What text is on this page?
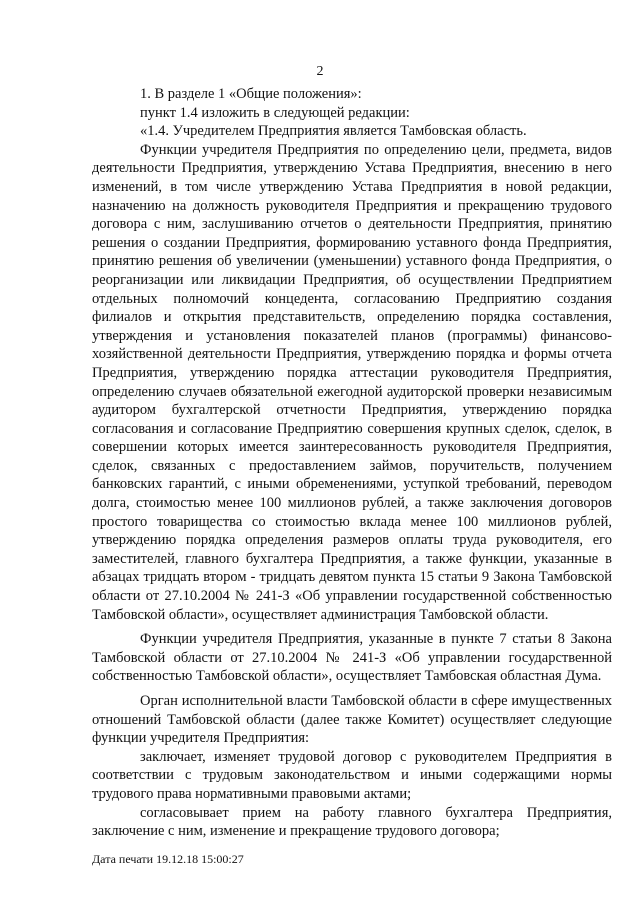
2

1. В разделе 1 «Общие положения»:

пункт 1.4 изложить в следующей редакции:

«1.4. Учредителем Предприятия является Тамбовская область.

Функции учредителя Предприятия по определению цели, предмета, видов деятельности Предприятия, утверждению Устава Предприятия, внесению в него изменений, в том числе утверждению Устава Предприятия в новой редакции, назначению на должность руководителя Предприятия и прекращению трудового договора с ним, заслушиванию отчетов о деятельности Предприятия, принятию решения о создании Предприятия, формированию уставного фонда Предприятия, принятию решения об увеличении (уменьшении) уставного фонда Предприятия, о реорганизации или ликвидации Предприятия, об осуществлении Предприятием отдельных полномочий концедента, согласованию Предприятию создания филиалов и открытия представительств, определению порядка составления, утверждения и установления показателей планов (программы) финансово-хозяйственной деятельности Предприятия, утверждению порядка и формы отчета Предприятия, утверждению порядка аттестации руководителя Предприятия, определению случаев обязательной ежегодной аудиторской проверки независимым аудитором бухгалтерской отчетности Предприятия, утверждению порядка согласования и согласование Предприятию совершения крупных сделок, сделок, в совершении которых имеется заинтересованность руководителя Предприятия, сделок, связанных с предоставлением займов, поручительств, получением банковских гарантий, с иными обременениями, уступкой требований, переводом долга, стоимостью менее 100 миллионов рублей, а также заключения договоров простого товарищества со стоимостью вклада менее 100 миллионов рублей, утверждению порядка определения размеров оплаты труда руководителя, его заместителей, главного бухгалтера Предприятия, а также функции, указанные в абзацах тридцать втором - тридцать девятом пункта 15 статьи 9 Закона Тамбовской области от 27.10.2004 № 241-З «Об управлении государственной собственностью Тамбовской области», осуществляет администрация Тамбовской области.

Функции учредителя Предприятия, указанные в пункте 7 статьи 8 Закона Тамбовской области от 27.10.2004 № 241-З «Об управлении государственной собственностью Тамбовской области», осуществляет Тамбовская областная Дума.

Орган исполнительной власти Тамбовской области в сфере имущественных отношений Тамбовской области (далее также Комитет) осуществляет следующие функции учредителя Предприятия:

заключает, изменяет трудовой договор с руководителем Предприятия в соответствии с трудовым законодательством и иными содержащими нормы трудового права нормативными правовыми актами;

согласовывает прием на работу главного бухгалтера Предприятия, заключение с ним, изменение и прекращение трудового договора;

Дата печати 19.12.18 15:00:27
